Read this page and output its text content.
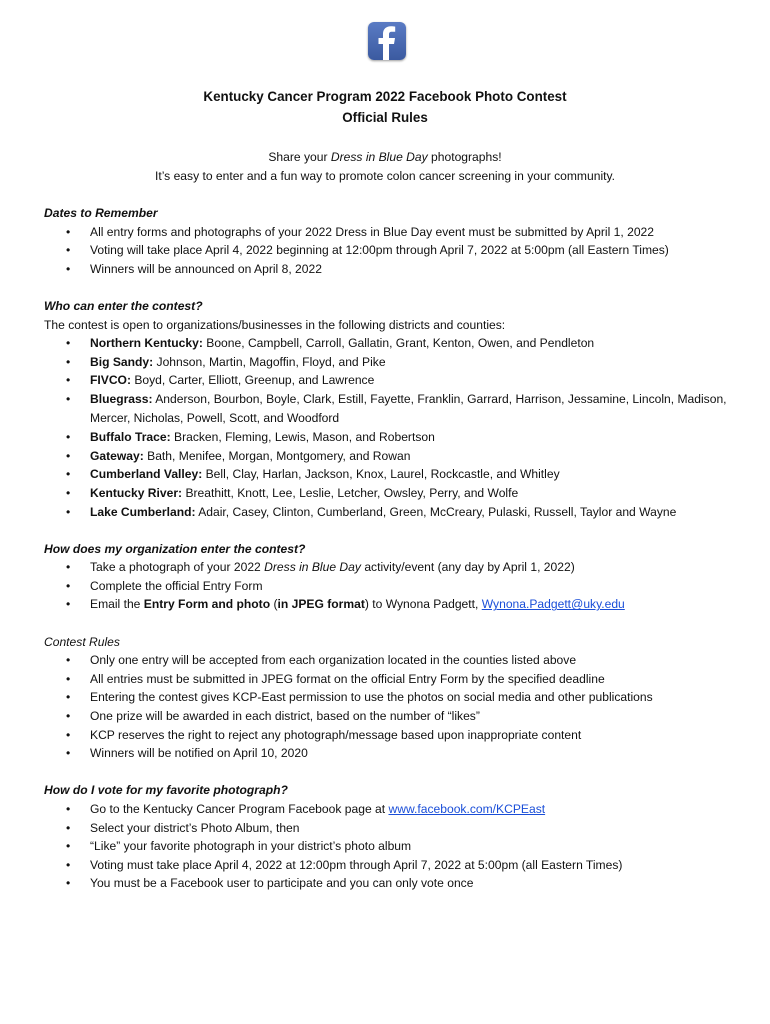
Kentucky Cancer Program 2022 Facebook Photo Contest
Official Rules
Share your Dress in Blue Day photographs!
It’s easy to enter and a fun way to promote colon cancer screening in your community.

Dates to Remember

• All entry forms and photographs of your 2022 Dress in Blue Day event must be submitted by April 1, 2022
• Voting will take place April 4, 2022 beginning at 12:00pm through April 7, 2022 at 5:00pm (all Eastern Times)
• Winners will be announced on April 8, 2022

Who can enter the contest?

The contest is open to organizations/businesses in the following districts and counties:

• Northern Kentucky: Boone, Campbell, Carroll, Gallatin, Grant, Kenton, Owen, and Pendleton
• Big Sandy: Johnson, Martin, Magoffin, Floyd, and Pike
• FIVCO: Boyd, Carter, Elliott, Greenup, and Lawrence
• Bluegrass: Anderson, Bourbon, Boyle, Clark, Estill, Fayette, Franklin, Garrard, Harrison, Jessamine, Lincoln, Madison, Mercer, Nicholas, Powell, Scott, and Woodford
• Buffalo Trace: Bracken, Fleming, Lewis, Mason, and Robertson
• Gateway: Bath, Menifee, Morgan, Montgomery, and Rowan
• Cumberland Valley: Bell, Clay, Harlan, Jackson, Knox, Laurel, Rockcastle, and Whitley
• Kentucky River: Breathitt, Knott, Lee, Leslie, Letcher, Owsley, Perry, and Wolfe
• Lake Cumberland: Adair, Casey, Clinton, Cumberland, Green, McCreary, Pulaski, Russell, Taylor and Wayne

How does my organization enter the contest?

• Take a photograph of your 2022 Dress in Blue Day activity/event (any day by April 1, 2022)
• Complete the official Entry Form
• Email the Entry Form and photo (in JPEG format) to Wynona Padgett, Wynona.Padgett@uky.edu

Contest Rules

• Only one entry will be accepted from each organization located in the counties listed above
• All entries must be submitted in JPEG format on the official Entry Form by the specified deadline
• Entering the contest gives KCP-East permission to use the photos on social media and other publications
• One prize will be awarded in each district, based on the number of “likes”
• KCP reserves the right to reject any photograph/message based upon inappropriate content
• Winners will be notified on April 10, 2020

How do I vote for my favorite photograph?

• Go to the Kentucky Cancer Program Facebook page at www.facebook.com/KCPEast
• Select your district’s Photo Album, then
• “Like” your favorite photograph in your district’s photo album
• Voting must take place April 4, 2022 at 12:00pm through April 7, 2022 at 5:00pm (all Eastern Times)
• You must be a Facebook user to participate and you can only vote once
